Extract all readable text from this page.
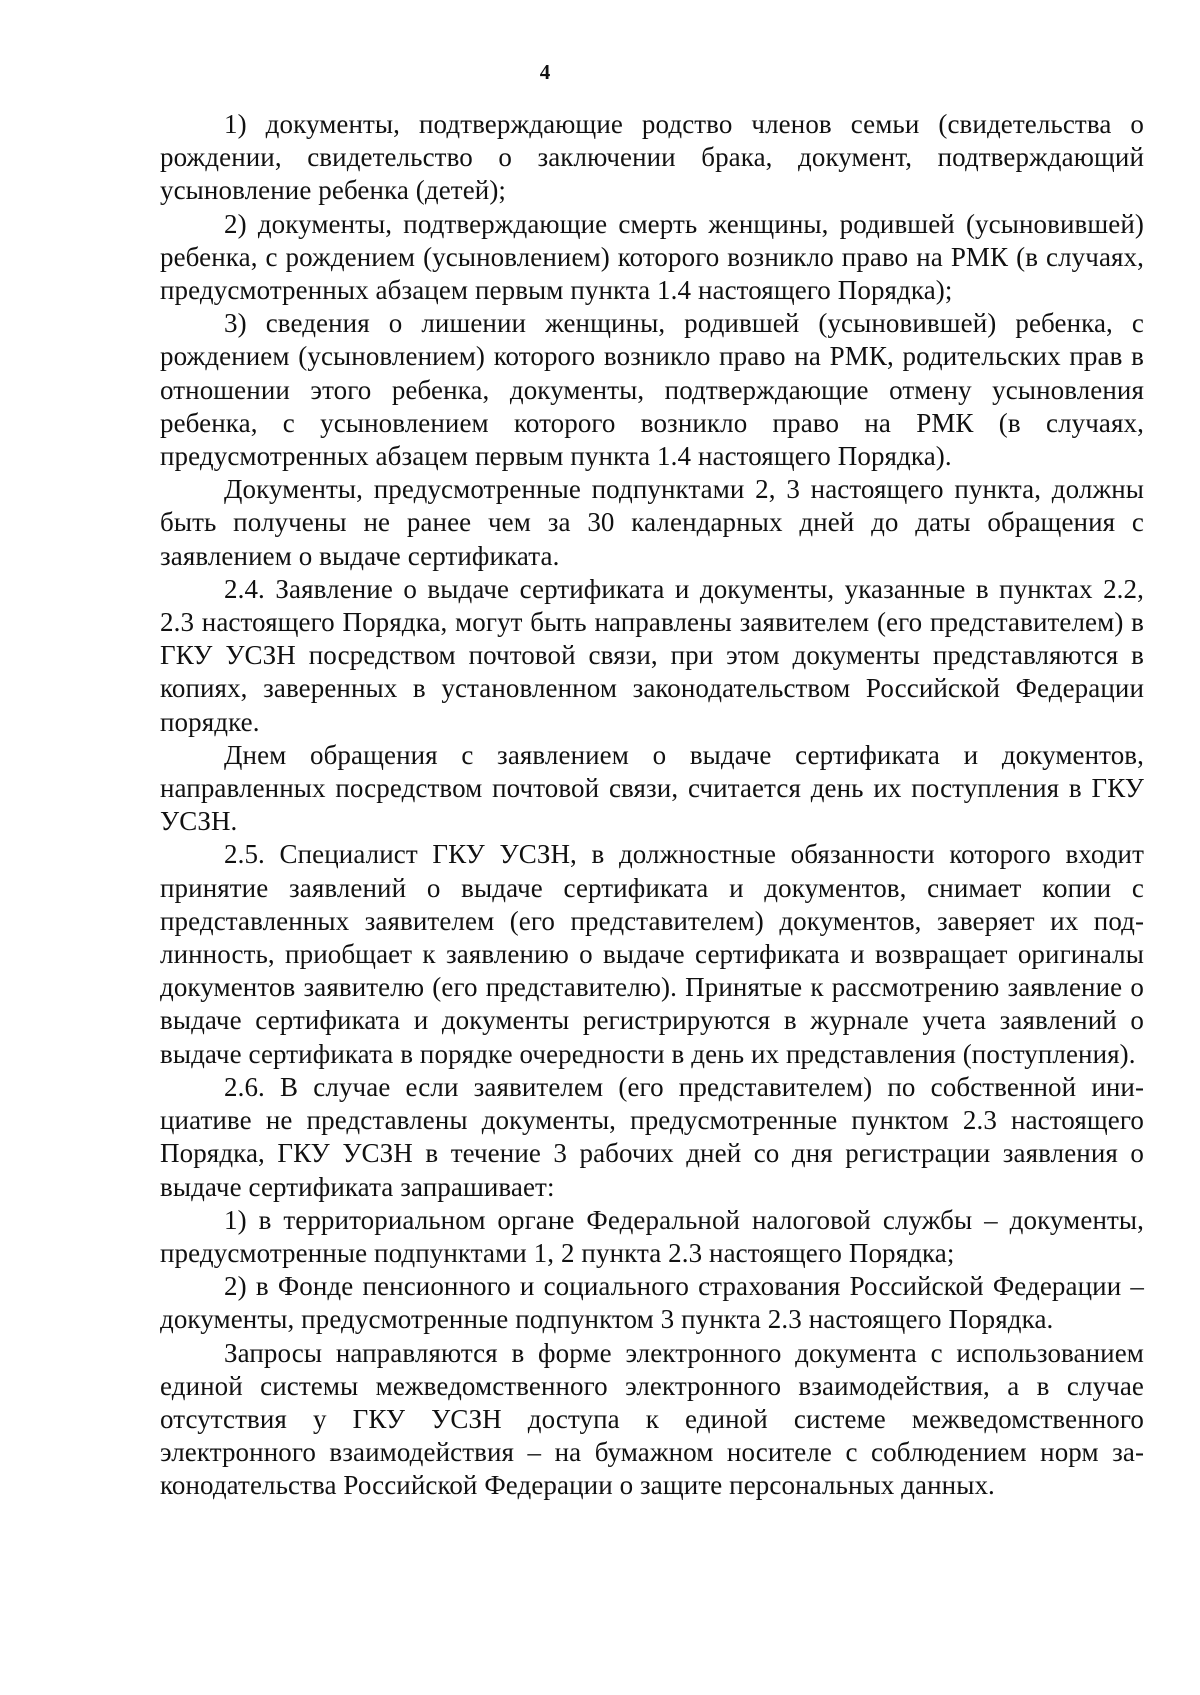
4

1) документы, подтверждающие родство членов семьи (свидетельства о рождении, свидетельство о заключении брака, документ, подтверждающий усыновление ребенка (детей);

2) документы, подтверждающие смерть женщины, родившей (усыновившей) ребенка, с рождением (усыновлением) которого возникло право на РМК (в случаях, предусмотренных абзацем первым пункта 1.4 настоящего Порядка);

3) сведения о лишении женщины, родившей (усыновившей) ребенка, с рождением (усыновлением) которого возникло право на РМК, родительских прав в отношении этого ребенка, документы, подтверждающие отмену усыновления ребенка, с усыновлением которого возникло право на РМК (в случаях, предусмотренных абзацем первым пункта 1.4 настоящего Порядка).

Документы, предусмотренные подпунктами 2, 3 настоящего пункта, должны быть получены не ранее чем за 30 календарных дней до даты обращения с заявлением о выдаче сертификата.

2.4. Заявление о выдаче сертификата и документы, указанные в пунктах 2.2, 2.3 настоящего Порядка, могут быть направлены заявителем (его представителем) в ГКУ УСЗН посредством почтовой связи, при этом документы представляются в копиях, заверенных в установленном законодательством Российской Федерации порядке.

Днем обращения с заявлением о выдаче сертификата и документов, направленных посредством почтовой связи, считается день их поступления в ГКУ УСЗН.

2.5. Специалист ГКУ УСЗН, в должностные обязанности которого входит принятие заявлений о выдаче сертификата и документов, снимает копии с представленных заявителем (его представителем) документов, заверяет их подлинность, приобщает к заявлению о выдаче сертификата и возвращает оригиналы документов заявителю (его представителю). Принятые к рассмотрению заявление о выдаче сертификата и документы регистрируются в журнале учета заявлений о выдаче сертификата в порядке очередности в день их представления (поступления).

2.6. В случае если заявителем (его представителем) по собственной инициативе не представлены документы, предусмотренные пунктом 2.3 настоящего Порядка, ГКУ УСЗН в течение 3 рабочих дней со дня регистрации заявления о выдаче сертификата запрашивает:

1) в территориальном органе Федеральной налоговой службы – документы, предусмотренные подпунктами 1, 2 пункта 2.3 настоящего Порядка;

2) в Фонде пенсионного и социального страхования Российской Федерации – документы, предусмотренные подпунктом 3 пункта 2.3 настоящего Порядка.

Запросы направляются в форме электронного документа с использованием единой системы межведомственного электронного взаимодействия, а в случае отсутствия у ГКУ УСЗН доступа к единой системе межведомственного электронного взаимодействия – на бумажном носителе с соблюдением норм законодательства Российской Федерации о защите персональных данных.
